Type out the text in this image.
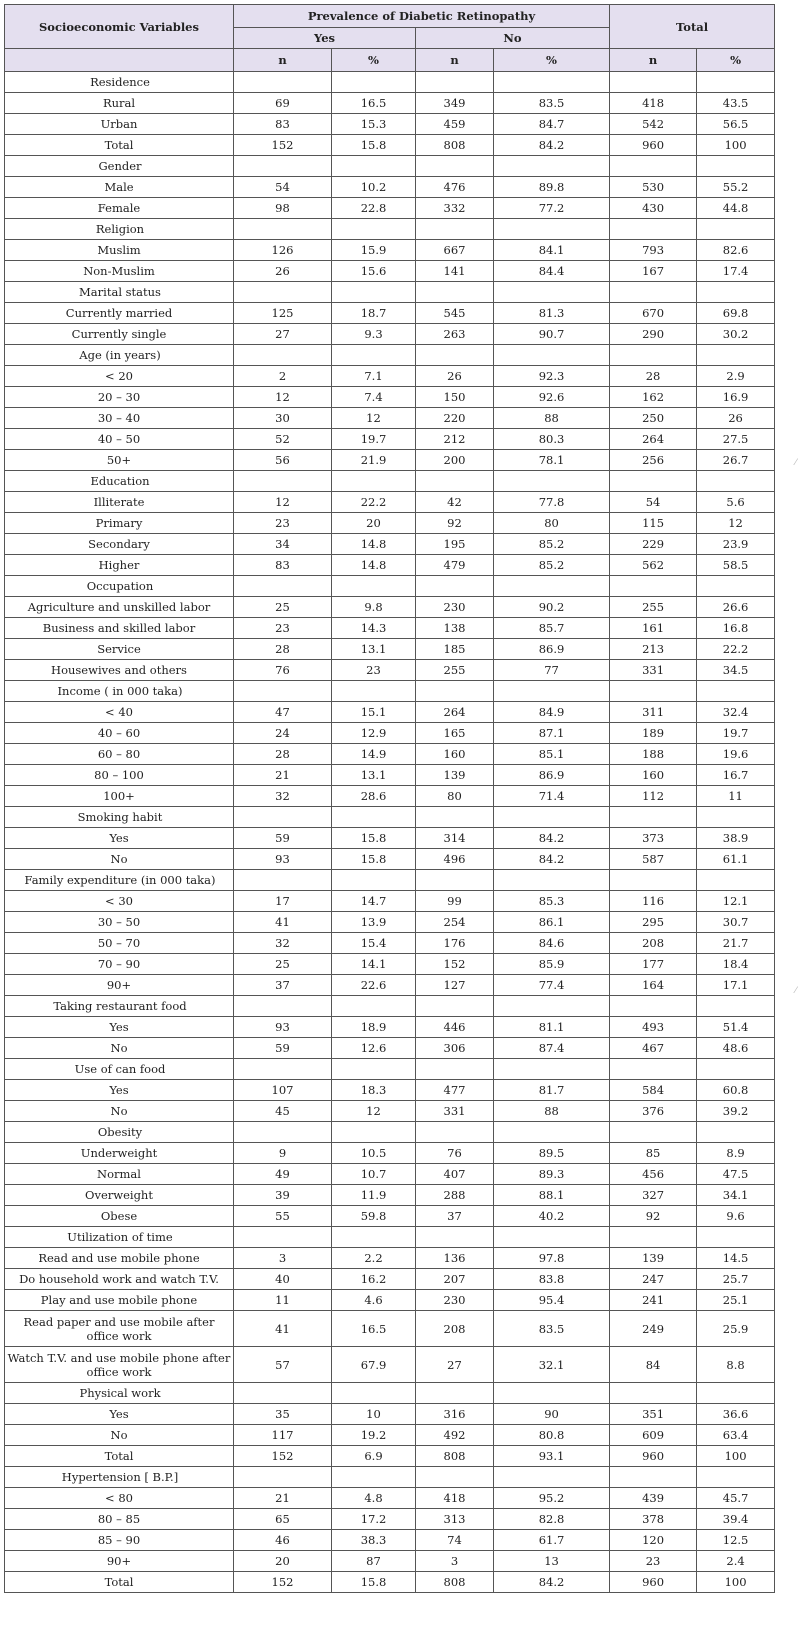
Socioeconomic Variables	Prevalence of Diabetic Retinopathy				Total	
	Yes		No			
	n	%	n	%	n	%
Residence						
Rural	69	16.5	349	83.5	418	43.5
Urban	83	15.3	459	84.7	542	56.5
Total	152	15.8	808	84.2	960	100
Gender						
Male	54	10.2	476	89.8	530	55.2
Female	98	22.8	332	77.2	430	44.8
Religion						
Muslim	126	15.9	667	84.1	793	82.6
Non-Muslim	26	15.6	141	84.4	167	17.4
Marital status						
Currently married	125	18.7	545	81.3	670	69.8
Currently single	27	9.3	263	90.7	290	30.2
Age (in years)						
< 20	2	7.1	26	92.3	28	2.9
20 – 30	12	7.4	150	92.6	162	16.9
30 – 40	30	12	220	88	250	26
40 – 50	52	19.7	212	80.3	264	27.5
50+	56	21.9	200	78.1	256	26.7
Education						
Illiterate	12	22.2	42	77.8	54	5.6
Primary	23	20	92	80	115	12
Secondary	34	14.8	195	85.2	229	23.9
Higher	83	14.8	479	85.2	562	58.5
Occupation						
Agriculture and unskilled labor	25	9.8	230	90.2	255	26.6
Business and skilled labor	23	14.3	138	85.7	161	16.8
Service	28	13.1	185	86.9	213	22.2
Housewives and others	76	23	255	77	331	34.5
Income ( in 000 taka)						
< 40	47	15.1	264	84.9	311	32.4
40 – 60	24	12.9	165	87.1	189	19.7
60 – 80	28	14.9	160	85.1	188	19.6
80 – 100	21	13.1	139	86.9	160	16.7
100+	32	28.6	80	71.4	112	11
Smoking habit						
Yes	59	15.8	314	84.2	373	38.9
No	93	15.8	496	84.2	587	61.1
Family expenditure (in 000 taka)						
< 30	17	14.7	99	85.3	116	12.1
30 – 50	41	13.9	254	86.1	295	30.7
50 – 70	32	15.4	176	84.6	208	21.7
70 – 90	25	14.1	152	85.9	177	18.4
90+	37	22.6	127	77.4	164	17.1
Taking restaurant food						
Yes	93	18.9	446	81.1	493	51.4
No	59	12.6	306	87.4	467	48.6
Use of can food						
Yes	107	18.3	477	81.7	584	60.8
No	45	12	331	88	376	39.2
Obesity						
Underweight	9	10.5	76	89.5	85	8.9
Normal	49	10.7	407	89.3	456	47.5
Overweight	39	11.9	288	88.1	327	34.1
Obese	55	59.8	37	40.2	92	9.6
Utilization of time						
Read and use mobile phone	3	2.2	136	97.8	139	14.5
Do household work and watch T.V.	40	16.2	207	83.8	247	25.7
Play and use mobile phone	11	4.6	230	95.4	241	25.1
Read paper and use mobile after office work	41	16.5	208	83.5	249	25.9
Watch T.V. and use mobile phone after office work	57	67.9	27	32.1	84	8.8
Physical work						
Yes	35	10	316	90	351	36.6
No	117	19.2	492	80.8	609	63.4
Total	152	6.9	808	93.1	960	100
Hypertension [ B.P.]						
< 80	21	4.8	418	95.2	439	45.7
80 – 85	65	17.2	313	82.8	378	39.4
85 – 90	46	38.3	74	61.7	120	12.5
90+	20	87	3	13	23	2.4
Total	152	15.8	808	84.2	960	100
⁄
⁄
